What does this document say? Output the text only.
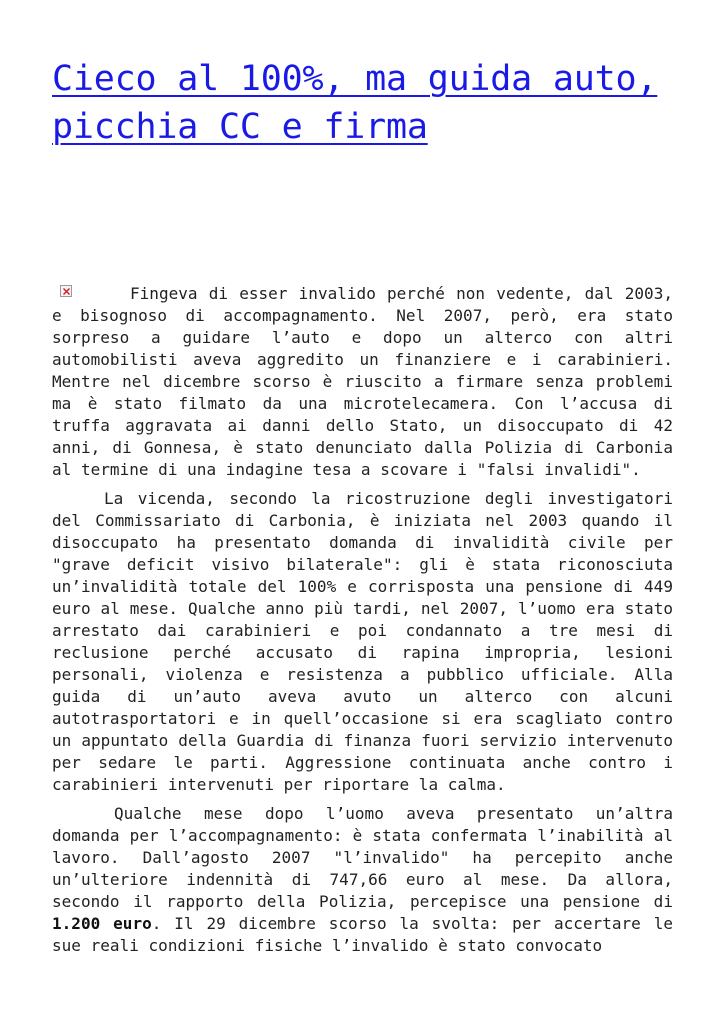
Cieco al 100%, ma guida auto,
picchia CC e firma

Fingeva di esser invalido perché non vedente, dal 2003, e bisognoso di accompagnamento. Nel 2007, però, era stato sorpreso a guidare l’auto e dopo un alterco con altri automobilisti aveva aggredito un finanziere e i carabinieri. Mentre nel dicembre scorso è riuscito a firmare senza problemi ma è stato filmato da una microtelecamera. Con l’accusa di truffa aggravata ai danni dello Stato, un disoccupato di 42 anni, di Gonnesa, è stato denunciato dalla Polizia di Carbonia al termine di una indagine tesa a scovare i "falsi invalidi".

La vicenda, secondo la ricostruzione degli investigatori del Commissariato di Carbonia, è iniziata nel 2003 quando il disoccupato ha presentato domanda di invalidità civile per "grave deficit visivo bilaterale": gli è stata riconosciuta un’invalidità totale del 100% e corrisposta una pensione di 449 euro al mese. Qualche anno più tardi, nel 2007, l’uomo era stato arrestato dai carabinieri e poi condannato a tre mesi di reclusione perché accusato di rapina impropria, lesioni personali, violenza e resistenza a pubblico ufficiale. Alla guida di un’auto aveva avuto un alterco con alcuni autotrasportatori e in quell’occasione si era scagliato contro un appuntato della Guardia di finanza fuori servizio intervenuto per sedare le parti. Aggressione continuata anche contro i carabinieri intervenuti per riportare la calma.

Qualche mese dopo l’uomo aveva presentato un’altra domanda per l’accompagnamento: è stata confermata l’inabilità al lavoro. Dall’agosto 2007 "l’invalido" ha percepito anche un’ulteriore indennità di 747,66 euro al mese. Da allora, secondo il rapporto della Polizia, percepisce una pensione di 1.200 euro. Il 29 dicembre scorso la svolta: per accertare le sue reali condizioni fisiche l’invalido è stato convocato
